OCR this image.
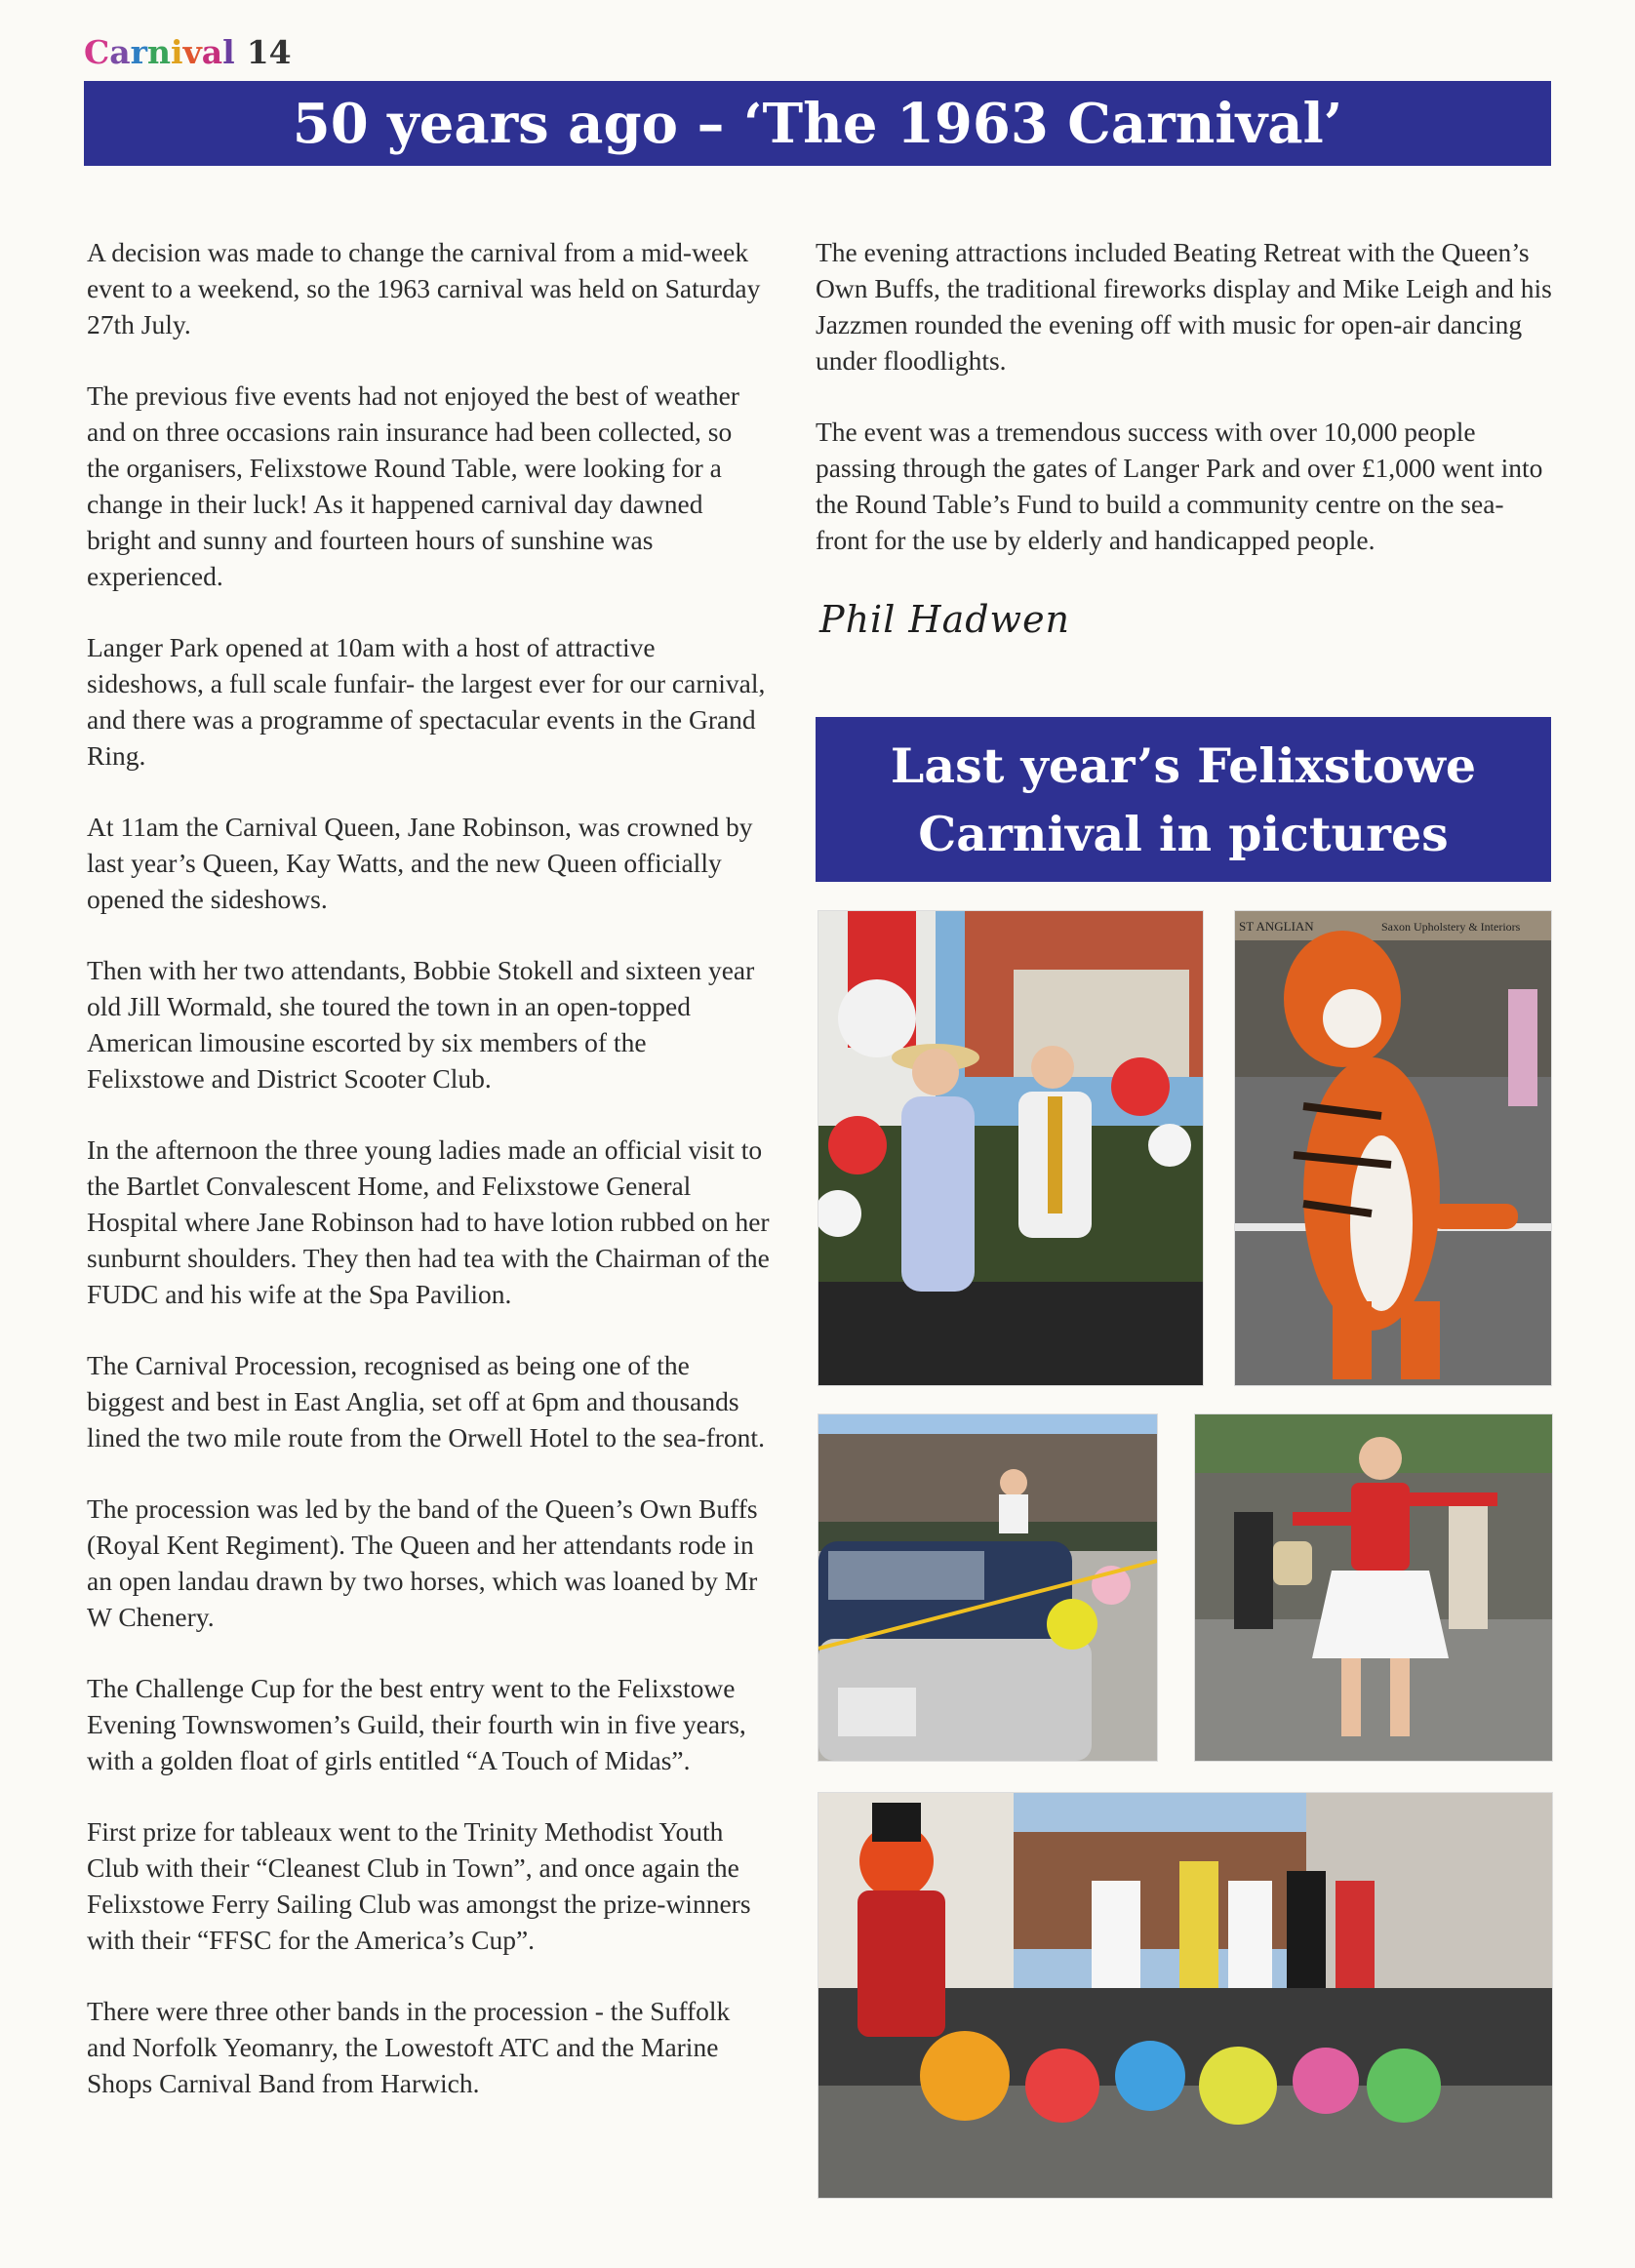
Carnival 14
50 years ago – ‘The 1963 Carnival’

A decision was made to change the carnival from a mid-week event to a weekend, so the 1963 carnival was held on Saturday 27th July.

The previous five events had not enjoyed the best of weather and on three occasions rain insurance had been collected, so the organisers, Felixstowe Round Table, were looking for a change in their luck! As it happened carnival day dawned bright and sunny and fourteen hours of sunshine was experienced.

Langer Park opened at 10am with a host of attractive sideshows, a full scale funfair- the largest ever for our carnival, and there was a programme of spectacular events in the Grand Ring.

At 11am the Carnival Queen, Jane Robinson, was crowned by last year’s Queen, Kay Watts, and the new Queen officially opened the sideshows.

Then with her two attendants, Bobbie Stokell and sixteen year old Jill Wormald, she toured the town in an open-topped American limousine escorted by six members of the Felixstowe and District Scooter Club.

In the afternoon the three young ladies made an official visit to the Bartlet Convalescent Home, and Felixstowe General Hospital where Jane Robinson had to have lotion rubbed on her sunburnt shoulders. They then had tea with the Chairman of the FUDC and his wife at the Spa Pavilion.

The Carnival Procession, recognised as being one of the biggest and best in East Anglia, set off at 6pm and thousands lined the two mile route from the Orwell Hotel to the sea-front.

The procession was led by the band of the Queen’s Own Buffs (Royal Kent Regiment). The Queen and her attendants rode in an open landau drawn by two horses, which was loaned by Mr W Chenery.

The Challenge Cup for the best entry went to the Felixstowe Evening Townswomen’s Guild, their fourth win in five years, with a golden float of girls entitled “A Touch of Midas”.

First prize for tableaux went to the Trinity Methodist Youth Club with their “Cleanest Club in Town”, and once again the Felixstowe Ferry Sailing Club was amongst the prize-winners with their “FFSC for the America’s Cup”.

There were three other bands in the procession - the Suffolk and Norfolk Yeomanry, the Lowestoft ATC and the Marine Shops Carnival Band from Harwich.

The evening attractions included Beating Retreat with the Queen’s Own Buffs, the traditional fireworks display and Mike Leigh and his Jazzmen rounded the evening off with music for open-air dancing under floodlights.

The event was a tremendous success with over 10,000 people passing through the gates of Langer Park and over £1,000 went into the Round Table’s Fund to build a community centre on the sea-front for the use by elderly and handicapped people.

Phil Hadwen
Last year’s Felixstowe
Carnival in pictures
ST ANGLIAN	Saxon Upholstery & Interiors
